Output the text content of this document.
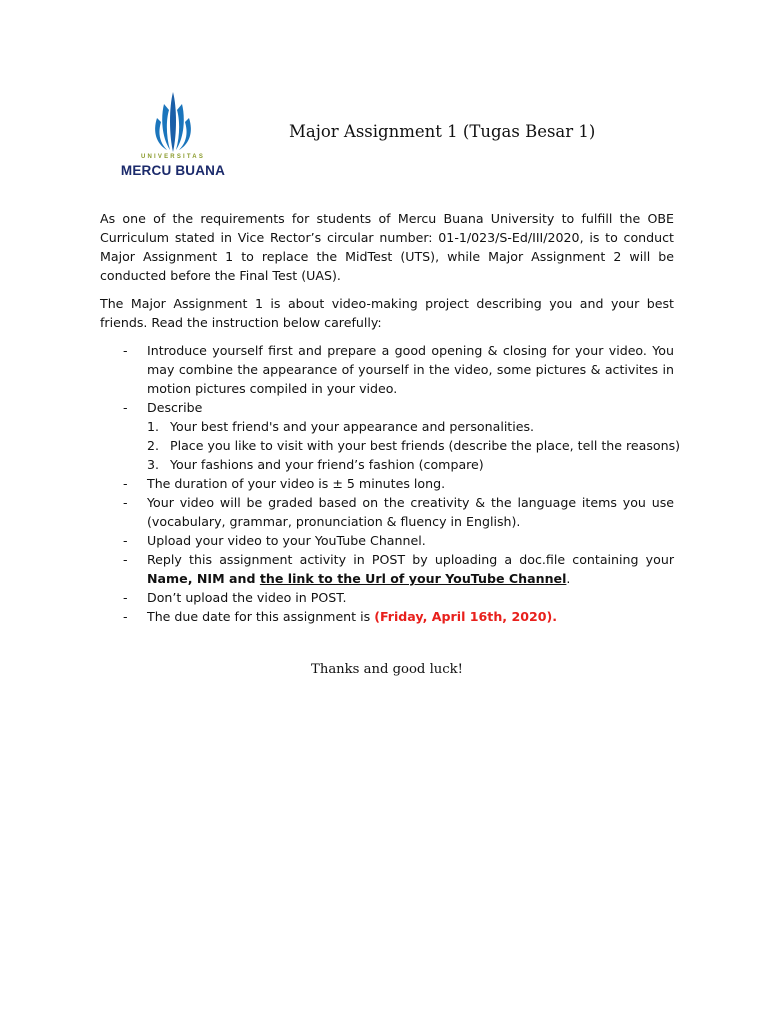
UNIVERSITAS
MERCU BUANA
Major Assignment 1 (Tugas Besar 1)

As one of the requirements for students of Mercu Buana University to fulfill the OBE Curriculum stated in Vice Rector’s circular number: 01-1/023/S-Ed/III/2020, is to conduct Major Assignment 1 to replace the MidTest (UTS), while Major Assignment 2 will be conducted before the Final Test (UAS).

The Major Assignment 1 is about video-making project describing you and your best friends. Read the instruction below carefully:

- Introduce yourself first and prepare a good opening & closing for your video. You may combine the appearance of yourself in the video, some pictures & activites in motion pictures compiled in your video.
- Describe
1. Your best friend's and your appearance and personalities.
2. Place you like to visit with your best friends (describe the place, tell the reasons)
3. Your fashions and your friend’s fashion (compare)
- The duration of your video is ± 5 minutes long.
- Your video will be graded based on the creativity & the language items you use (vocabulary, grammar, pronunciation & fluency in English).
- Upload your video to your YouTube Channel.
- Reply this assignment activity in POST by uploading a doc.file containing your Name, NIM and the link to the Url of your YouTube Channel.
- Don’t upload the video in POST.
- The due date for this assignment is (Friday, April 16th, 2020).
Thanks and good luck!
